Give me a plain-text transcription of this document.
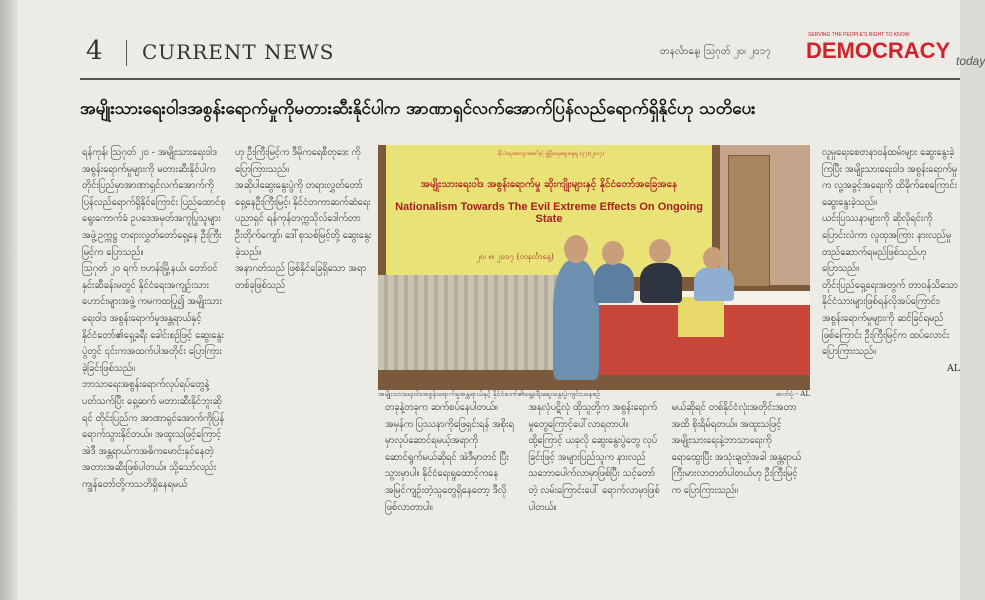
4 CURRENT NEWS	တနင်္လာနေ့၊ ဩဂုတ် ၂၀၊ ၂၀၁၇
SERVING THE PEOPLE'S RIGHT TO KNOW
DEMOCRACY today
အမျိုးသားရေးဝါဒအစွန်းရောက်မှုကိုမတားဆီးနိုင်ပါက အာဏာရှင်လက်အောက်ပြန်လည်ရောက်ရှိနိုင်ဟု သတိပေး

ရန်ကုန်၊ ဩဂုတ် ၂၀ - အမျိုးသားရေးဝါဒအစွန်းရောက်မှုများကို မတားဆီးနိုင်ပါက တိုင်းပြည်မှာအာဏာရှင်လက်အောက်ကိုပြန်လည်ရောက်ရှိနိုင်ကြောင်း ပြည်ထောင်စုရွေးကောက်ခံ ဥပဒေအမှတ်အကူပြုသူများအဖွဲ့ဥက္ကဋ္ဌ တရားလွှတ်တော်ရှေ့နေ ဦးကြီးမြင့်က ပြောသည်။

ဩဂုတ် ၂၀ ရက် ဗဟန်းမြို့နယ်၊ တော်ဝင်နှင်းဆီခန်းမတွင် နိုင်ငံရေးအကျဉ်းသားဟောင်းများအဖွဲ့ ကမကထပြု၍ အမျိုးသားရေးဝါဒ အစွန်းရောက်မှုအန္တရာယ်နှင့် နိုင်ငံတော်၏ရှေ့ခရီး ခေါင်းစဉ်ဖြင့် ဆွေးနွေးပွဲတွင် ၎င်းကအထက်ပါအတိုင်း ပြောကြားခဲ့ခြင်းဖြစ်သည်။

ဘာသာရေးအစွန်းရောက်လုပ်ရပ်တွေနဲ့ပတ်သက်ပြီး ရှေ့ဆက် မတားဆီးနိုင်ဘူးဆိုရင် တိုင်းပြည်က အာဏာရှင်အောက်ကိုပြန်ရောက်သွားနိုင်တယ်။ အထူးသဖြင့်ကြောင့် အဲဒီ အန္တရာယ်ကအဓိကမောင်းနှင်နေတဲ့အတားအဆီးဖြစ်ပါတယ်။ သို့သော်လည်း ကျွန်တော်တို့ကသတိရှိနေရမယ်

ဟု ဦးကြီးမြင့်က ဒီမိုကရေစီတုဒေး ကို ပြောကြားသည်။

အဆိုပါဆွေးနွေးပွဲကို တရားလွှတ်တော်ရှေ့နေဦးကြီးမြင့်၊ နိုင်ငံတကာဆက်ဆံရေးပညာရှင် ရန်ကုန်တက္ကသိုလ်ဒေါက်တာ ဦးတိုက်ကျော်၊ ဒေါ်စုသစ်မြင့်တို့ ဆွေးနွေးခဲ့သည်။

အနာဂတ်သည် ဖြစ်နိုင်ခြေရှိသော အရာတစ်ခုဖြစ်သည်

နိုင်ငံရေးအတွေးအခေါ်နှင့် ဖွံ့ဖြိုးရေးဆွေးနွေးမှု (၃၇)(၂၀၁၇)
အမျိုးသားရေးဝါဒ အစွန်းရောက်မှု ဆိုးကျိုးများနှင့် နိုင်ငံတော်အခြေအနေ
Nationalism Towards The Evil Extreme Effects On Ongoing State
၂၀၊ ၈၊ ၂၀၁၇ (တနင်္လာနေ့)
အမျိုးသားရေးဝါဒအစွန်းရောက်မှုအန္တရာယ်နှင့် နိုင်ငံတော်၏ရှေ့ခရီးဆွေးနွေးပွဲကျင်းပနေစဉ်	ဓာတ်ပုံ - AL

တခုနဲ့တခုက ဆက်စပ်နေပါတယ်။ အမှန်က ပြဿနာကိုဖြေရှင်းရန် အစိုးရမှာလုပ်ဆောင်ရမယ့်အရာကို ဆောင်ရွက်မယ်ဆိုရင် အဲဒီမှာတင် ပြီးသွားမှာပါ။ နိုင်ငံရေးရှုထောင့်ကနေ အမြင်ကျဥ်းတဲ့သူတွေရှိနေတော့ ဒီလိုဖြစ်လာတာပါ။

အနုလုံပဋိလုံ ထိုသူတို့က အစွန်းရောက်မှုတွေကြောင့်ပေါ်လာရတာပါ။ ထို့ကြောင့် ယခုလို ဆွေးနွေးပွဲတွေ လုပ်ခြင်းဖြင့် အများပြည်သူက နားလည်သဘောပေါက်လာမှာဖြစ်ပြီး သင့်တော်တဲ့ လမ်းကြောင်းပေါ် ရောက်လာမှာဖြစ်ပါတယ်။

မယ်ဆိုရင် တစ်နိုင်ငံလုံးအတိုင်းအတာအထိ စိုးရိမ်ရတယ်။ အထူးသဖြင့် အမျိုးသားရေးနဲ့ဘာသာရေးကို ရောထွေးပြီး အသုံးချတဲ့အခါ အန္တရာယ်ကြီးမားလာတတ်ပါတယ်ဟု ဦးကြီးမြင့်က ပြောကြားသည်။

လူမှုရေးစေတနာဝန်ထမ်းများ ဆွေးနွေးခဲ့ကြပြီး အမျိုးသားရေးဝါဒ အစွန်းရောက်မှုက လူ့အခွင့်အရေးကို ထိခိုက်စေကြောင်း ဆွေးနွေးခဲ့သည်။

ယင်းပြဿနာများကို ဆိုလိုရင်းကိုပြောင်းလဲကာ လူထုအကြား နားလည်မှုတည်ဆောက်ရမည်ဖြစ်သည်ဟု ပြောသည်။

တိုင်းပြည်ရှေ့ရေးအတွက် တာဝန်သိသော နိုင်ငံသားများဖြစ်ရန်လိုအပ်ကြောင်း၊ အစွန်းရောက်မှုများကို ဆင်ခြင်ရမည်ဖြစ်ကြောင်း ဦးကြီးမြင့်က ထပ်လောင်းပြောကြားသည်။

AL
